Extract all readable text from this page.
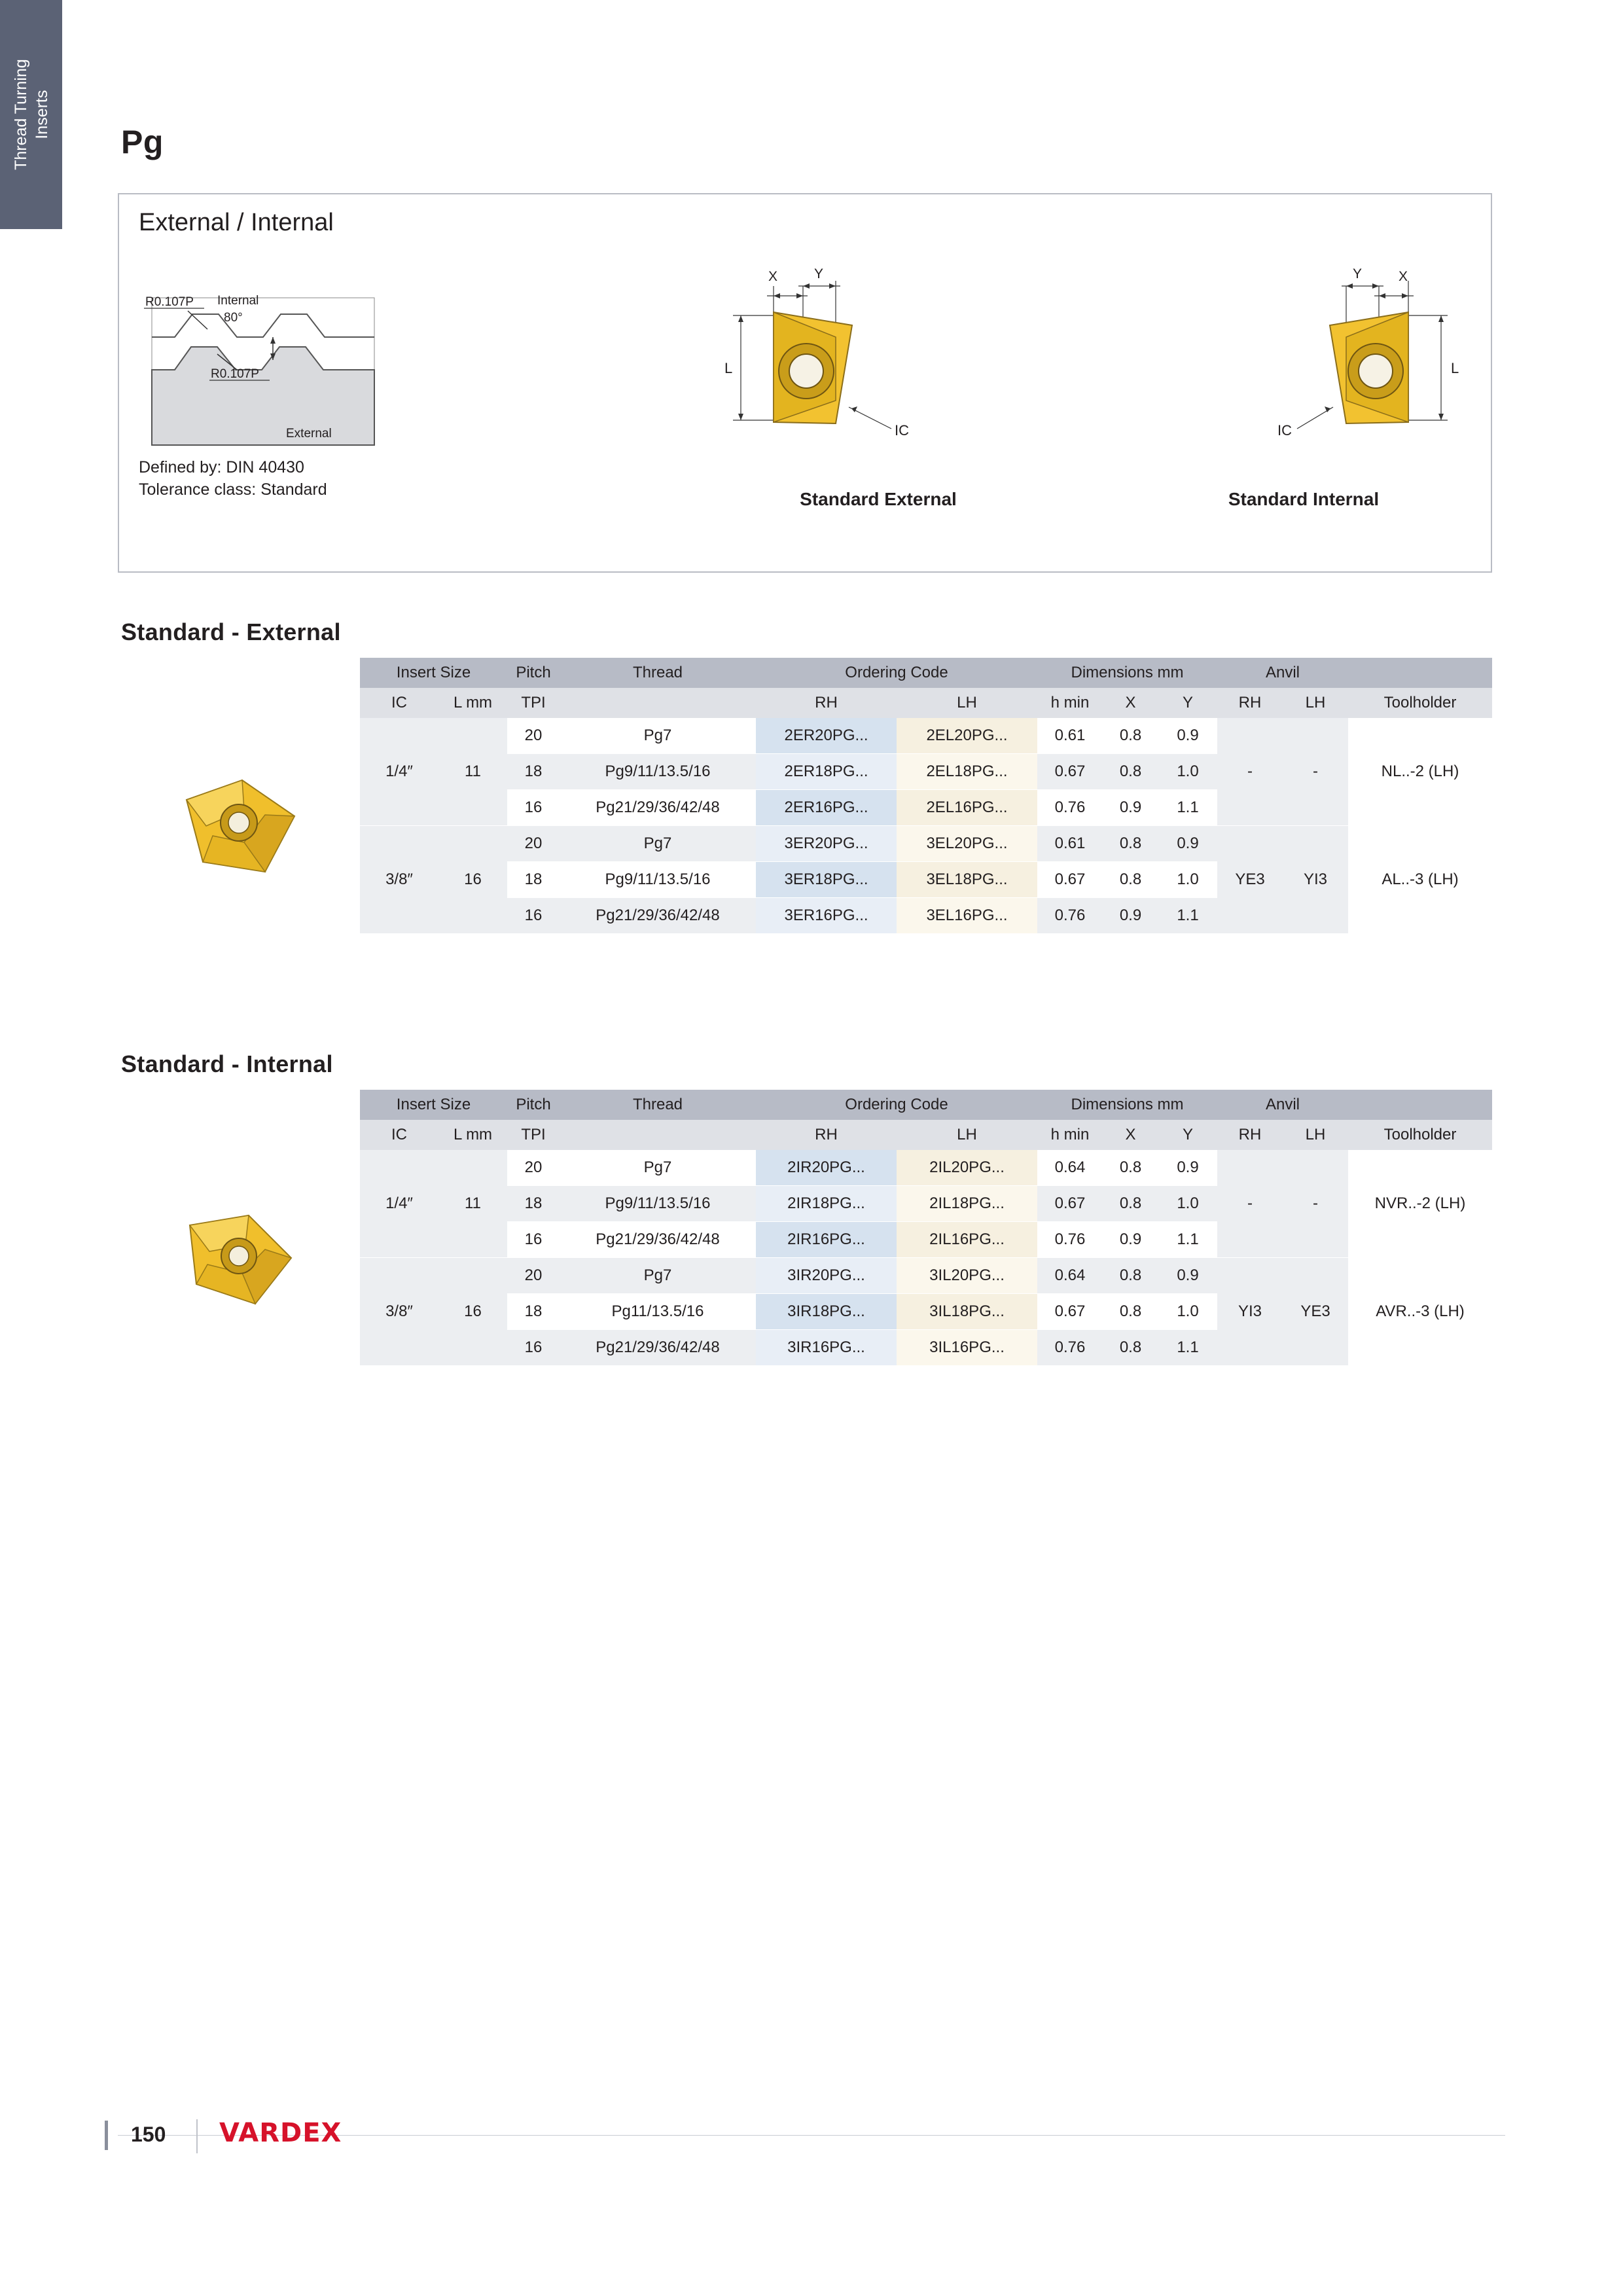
Thread Turning Inserts
Pg
External / Internal
R0.107P Internal
80°
R0.107P
External
Defined by: DIN 40430
Tolerance class: Standard
X	Y
L
IC
Y	X
L
IC
Standard External	Standard Internal
Standard - External
	Insert Size		Pitch	Thread	Ordering Code		Dimensions mm			Anvil		
	IC	L mm	TPI		RH	LH	h min	X	Y	RH	LH	Toolholder

	1/4″	11	20	Pg7	2ER20PG...	2EL20PG...	0.61	0.8	0.9	-	-	NL..-2 (LH)
			18	Pg9/11/13.5/16	2ER18PG...	2EL18PG...	0.67	0.8	1.0			
			16	Pg21/29/36/42/48	2ER16PG...	2EL16PG...	0.76	0.9	1.1			
	3/8″	16	20	Pg7	3ER20PG...	3EL20PG...	0.61	0.8	0.9	YE3	YI3	AL..-3 (LH)
			18	Pg9/11/13.5/16	3ER18PG...	3EL18PG...	0.67	0.8	1.0			
			16	Pg21/29/36/42/48	3ER16PG...	3EL16PG...	0.76	0.9	1.1			
Standard - Internal
	Insert Size		Pitch	Thread	Ordering Code		Dimensions mm			Anvil		
	IC	L mm	TPI		RH	LH	h min	X	Y	RH	LH	Toolholder

	1/4″	11	20	Pg7	2IR20PG...	2IL20PG...	0.64	0.8	0.9	-	-	NVR..-2 (LH)
			18	Pg9/11/13.5/16	2IR18PG...	2IL18PG...	0.67	0.8	1.0			
			16	Pg21/29/36/42/48	2IR16PG...	2IL16PG...	0.76	0.9	1.1			
	3/8″	16	20	Pg7	3IR20PG...	3IL20PG...	0.64	0.8	0.9	YI3	YE3	AVR..-3 (LH)
			18	Pg11/13.5/16	3IR18PG...	3IL18PG...	0.67	0.8	1.0			
			16	Pg21/29/36/42/48	3IR16PG...	3IL16PG...	0.76	0.8	1.1			
150 VARDEX
